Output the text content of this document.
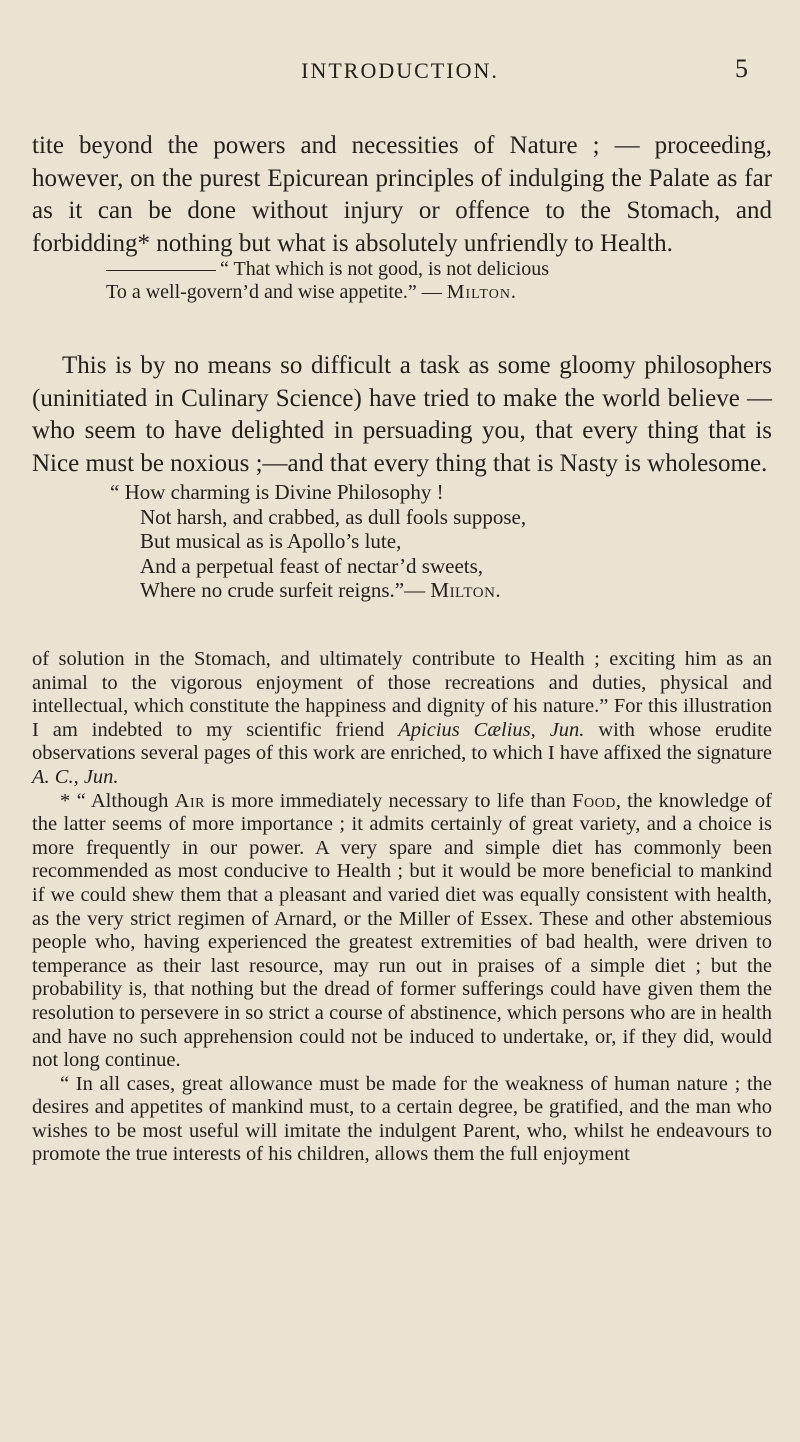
INTRODUCTION.	5
tite beyond the powers and necessities of Nature ; — proceeding, however, on the purest Epicurean principles of indulging the Palate as far as it can be done without injury or offence to the Stomach, and forbidding* nothing but what is absolutely unfriendly to Health.
“ That which is not good, is not delicious
To a well-govern’d and wise appetite.” — Milton.
This is by no means so difficult a task as some gloomy philosophers (uninitiated in Culinary Science) have tried to make the world believe — who seem to have delighted in persuading you, that every thing that is Nice must be noxious ;—and that every thing that is Nasty is wholesome.
“ How charming is Divine Philosophy !
Not harsh, and crabbed, as dull fools suppose,
But musical as is Apollo’s lute,
And a perpetual feast of nectar’d sweets,
Where no crude surfeit reigns.”— Milton.

of solution in the Stomach, and ultimately contribute to Health ; exciting him as an animal to the vigorous enjoyment of those recreations and duties, physical and intellectual, which constitute the happiness and dignity of his nature.” For this illustration I am indebted to my scientific friend Apicius Cælius, Jun. with whose erudite observations several pages of this work are enriched, to which I have affixed the signature A. C., Jun.

* “ Although Air is more immediately necessary to life than Food, the knowledge of the latter seems of more importance ; it admits certainly of great variety, and a choice is more frequently in our power. A very spare and simple diet has commonly been recommended as most conducive to Health ; but it would be more beneficial to mankind if we could shew them that a pleasant and varied diet was equally consistent with health, as the very strict regimen of Arnard, or the Miller of Essex. These and other abstemious people who, having experienced the greatest extremities of bad health, were driven to temperance as their last resource, may run out in praises of a simple diet ; but the probability is, that nothing but the dread of former sufferings could have given them the resolution to persevere in so strict a course of abstinence, which persons who are in health and have no such apprehension could not be induced to undertake, or, if they did, would not long continue.

“ In all cases, great allowance must be made for the weakness of human nature ; the desires and appetites of mankind must, to a certain degree, be gratified, and the man who wishes to be most useful will imitate the indulgent Parent, who, whilst he endeavours to promote the true interests of his children, allows them the full enjoyment
